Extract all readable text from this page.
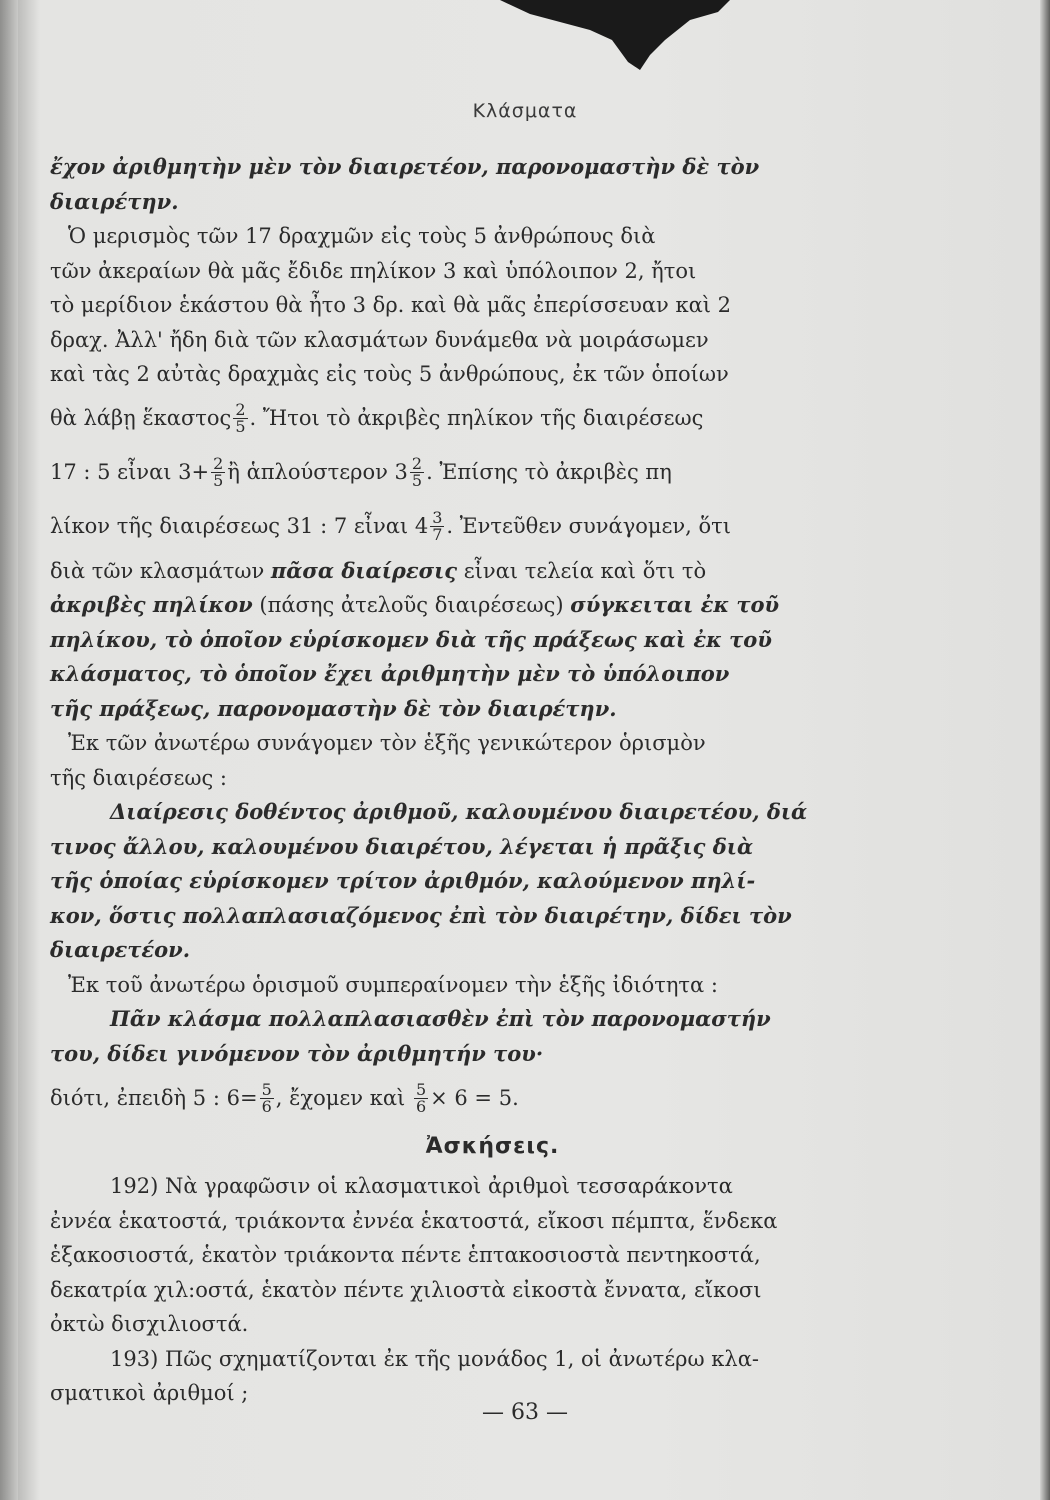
Κλάσματα
ἔχον ἀριθμητὴν μὲν τὸν διαιρετέον, παρονομαστὴν δὲ τὸν
διαιρέτην.
Ὁ μερισμὸς τῶν 17 δραχμῶν εἰς τοὺς 5 ἀνθρώπους διὰ
τῶν ἀκεραίων θὰ μᾶς ἔδιδε πηλίκον 3 καὶ ὑπόλοιπον 2, ἤτοι
τὸ μερίδιον ἑκάστου θὰ ἦτο 3 δρ. καὶ θὰ μᾶς ἐπερίσσευαν καὶ 2
δραχ. Ἀλλ' ἤδη διὰ τῶν κλασμάτων δυνάμεθα νὰ μοιράσωμεν
καὶ τὰς 2 αὐτὰς δραχμὰς εἰς τοὺς 5 ἀνθρώπους, ἐκ τῶν ὁποίων
θὰ λάβῃ ἕκαστος $\frac{2}{5}$ . Ἤτοι τὸ ἀκριβὲς πηλίκον τῆς διαιρέσεως
17 : 5 εἶναι $3+ \frac{2}{5}$ ἢ ἁπλούστερον $3 \frac{2}{5}$ . Ἐπίσης τὸ ἀκριβὲς πη
λίκον τῆς διαιρέσεως 31 : 7 εἶναι $4 \frac{3}{7}$ . Ἐντεῦθεν συνάγομεν, ὅτι
διὰ τῶν κλασμάτων
πᾶσα διαίρεσις
εἶναι τελεία καὶ ὅτι τὸ
ἀκριβὲς πηλίκον
(πάσης ἀτελοῦς διαιρέσεως)
σύγκειται ἐκ τοῦ
πηλίκου, τὸ ὁποῖον εὑρίσκομεν διὰ τῆς πράξεως καὶ ἐκ τοῦ
κλάσματος, τὸ ὁποῖον ἔχει ἀριθμητὴν μὲν τὸ ὑπόλοιπον
τῆς πράξεως, παρονομαστὴν δὲ τὸν διαιρέτην.
Ἐκ τῶν ἀνωτέρω συνάγομεν τὸν ἑξῆς γενικώτερον ὁρισμὸν
τῆς διαιρέσεως :
Διαίρεσις δοθέντος ἀριθμοῦ, καλουμένου διαιρετέου, διά
τινος ἄλλου, καλουμένου διαιρέτου, λέγεται ἡ πρᾶξις διὰ
τῆς ὁποίας εὑρίσκομεν τρίτον ἀριθμόν, καλούμενον πηλί-
κον, ὅστις πολλαπλασιαζόμενος ἐπὶ τὸν διαιρέτην, δίδει τὸν
διαιρετέον.
Ἐκ τοῦ ἀνωτέρω ὁρισμοῦ συμπεραίνομεν τὴν ἑξῆς ἰδιότητα :
Πᾶν κλάσμα πολλαπλασιασθὲν ἐπὶ τὸν παρονομαστήν
του, δίδει γινόμενον τὸν ἀριθμητήν του·
διότι, ἐπειδὴ 5 : $6= \frac{5}{6}$ , ἔχομεν καὶ
$\frac{5}{6} \times 6 = 5$.
Ἀσκήσεις.
192) Νὰ γραφῶσιν οἱ κλασματικοὶ ἀριθμοὶ τεσσαράκοντα
ἐννέα ἑκατοστά, τριάκοντα ἐννέα ἑκατοστά, εἴκοσι πέμπτα, ἕνδεκα
ἑξακοσιοστά, ἑκατὸν τριάκοντα πέντε ἑπτακοσιοστὰ πεντηκοστά,
δεκατρία χιλ:οστά, ἑκατὸν πέντε χιλιοστὰ εἰκοστὰ ἔννατα, εἴκοσι
ὀκτὼ δισχιλιοστά.
193) Πῶς σχηματίζονται ἐκ τῆς μονάδος 1, οἱ ἀνωτέρω κλα-
σματικοὶ ἀριθμοί ;
— 63 —
